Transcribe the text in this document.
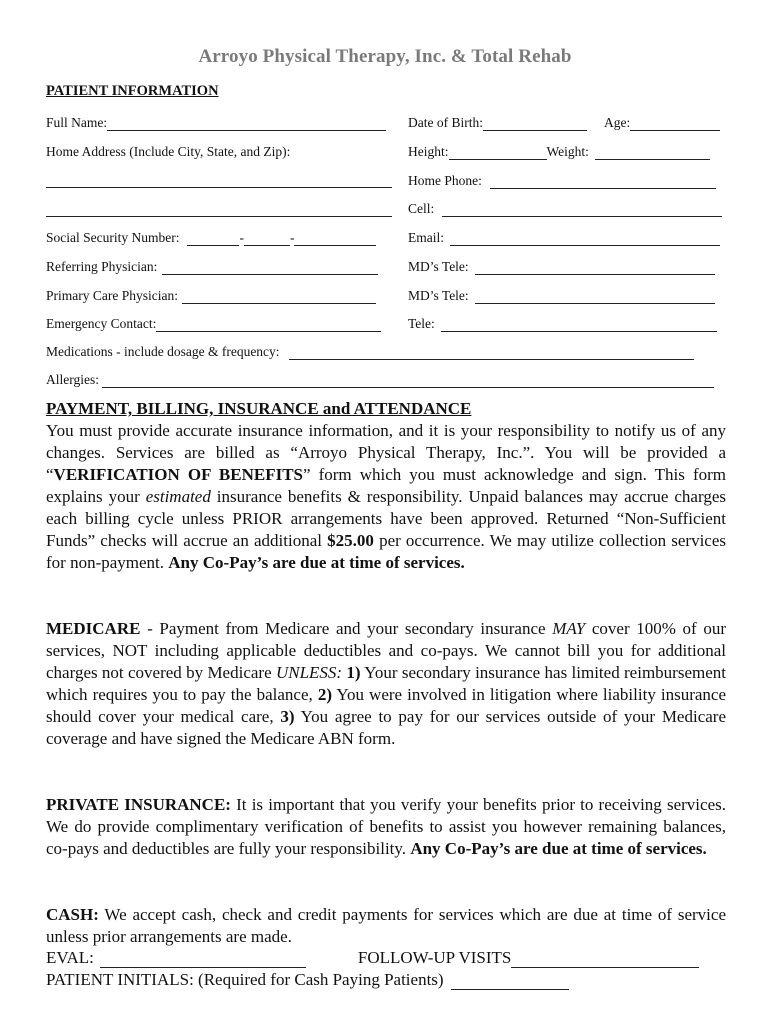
Arroyo Physical Therapy, Inc. & Total Rehab
PATIENT INFORMATION
Full Name:	Date of Birth:	Age:
Home Address (Include City, State, and Zip):	Height:	Weight:
Home Phone:
Cell:
Social Security Number:	-	-	Email:
Referring Physician:	MD’s Tele:
Primary Care Physician:	MD’s Tele:
Emergency Contact:	Tele:
Medications - include dosage & frequency:
Allergies:
PAYMENT, BILLING, INSURANCE and ATTENDANCE

You must provide accurate insurance information, and it is your responsibility to notify us of any changes. Services are billed as “Arroyo Physical Therapy, Inc.”. You will be provided a “VERIFICATION OF BENEFITS” form which you must acknowledge and sign. This form explains your estimated insurance benefits & responsibility. Unpaid balances may accrue charges each billing cycle unless PRIOR arrangements have been approved. Returned “Non-Sufficient Funds” checks will accrue an additional $25.00 per occurrence. We may utilize collection services for non-payment. Any Co-Pay’s are due at time of services.

MEDICARE - Payment from Medicare and your secondary insurance MAY cover 100% of our services, NOT including applicable deductibles and co-pays. We cannot bill you for additional charges not covered by Medicare UNLESS: 1) Your secondary insurance has limited reimbursement which requires you to pay the balance, 2) You were involved in litigation where liability insurance should cover your medical care, 3) You agree to pay for our services outside of your Medicare coverage and have signed the Medicare ABN form.

PRIVATE INSURANCE: It is important that you verify your benefits prior to receiving services. We do provide complimentary verification of benefits to assist you however remaining balances, co-pays and deductibles are fully your responsibility. Any Co-Pay’s are due at time of services.

CASH: We accept cash, check and credit payments for services which are due at time of service unless prior arrangements are made.

EVAL:	FOLLOW-UP VISITS
PATIENT INITIALS: (Required for Cash Paying Patients)
